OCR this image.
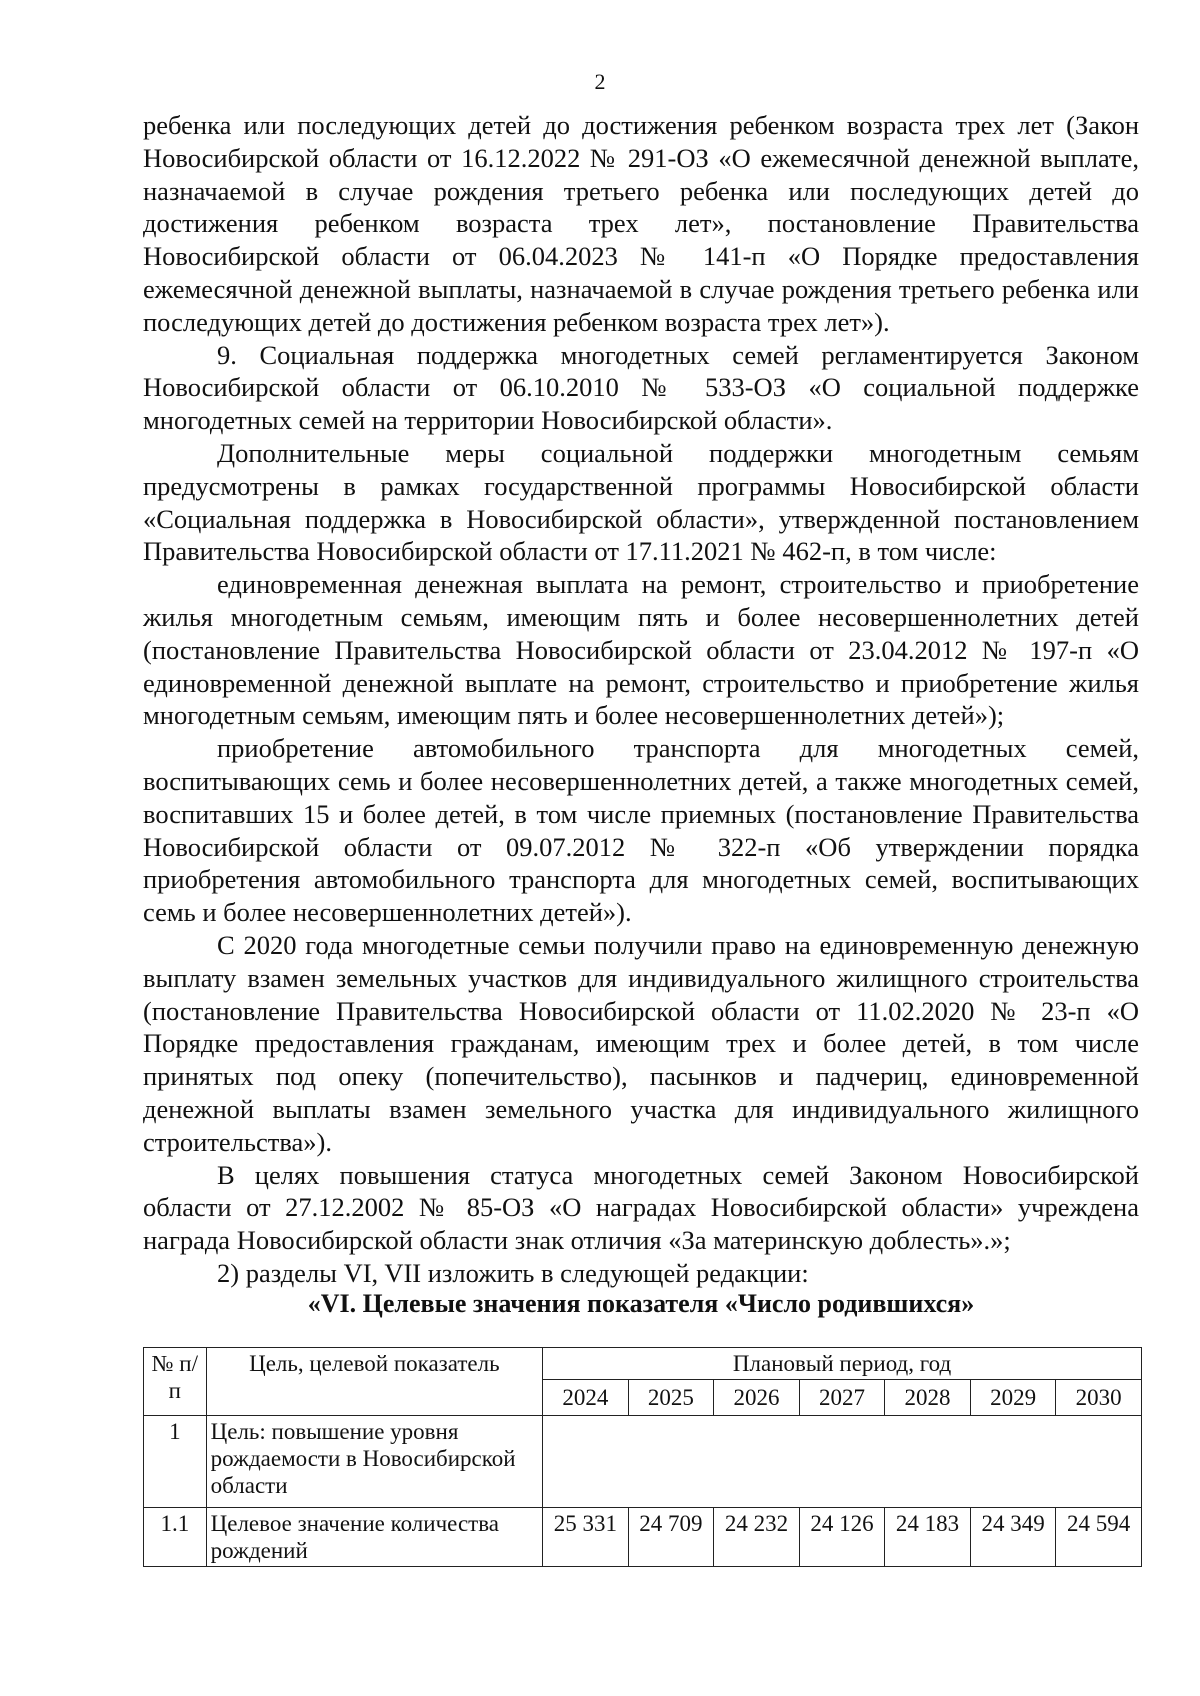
2

ребенка или последующих детей до достижения ребенком возраста трех лет (Закон Новосибирской области от 16.12.2022 № 291-ОЗ «О ежемесячной денежной выплате, назначаемой в случае рождения третьего ребенка или последующих детей до достижения ребенком возраста трех лет», постановление Правительства Новосибирской области от 06.04.2023 № 141-п «О Порядке предоставления ежемесячной денежной выплаты, назначаемой в случае рождения третьего ребенка или последующих детей до достижения ребенком возраста трех лет»).

9. Социальная поддержка многодетных семей регламентируется Законом Новосибирской области от 06.10.2010 № 533-ОЗ «О социальной поддержке многодетных семей на территории Новосибирской области».

Дополнительные меры социальной поддержки многодетным семьям предусмотрены в рамках государственной программы Новосибирской области «Социальная поддержка в Новосибирской области», утвержденной постановлением Правительства Новосибирской области от 17.11.2021 № 462-п, в том числе:

единовременная денежная выплата на ремонт, строительство и приобретение жилья многодетным семьям, имеющим пять и более несовершеннолетних детей (постановление Правительства Новосибирской области от 23.04.2012 № 197-п «О единовременной денежной выплате на ремонт, строительство и приобретение жилья многодетным семьям, имеющим пять и более несовершеннолетних детей»);

приобретение автомобильного транспорта для многодетных семей, воспитывающих семь и более несовершеннолетних детей, а также многодетных семей, воспитавших 15 и более детей, в том числе приемных (постановление Правительства Новосибирской области от 09.07.2012 № 322-п «Об утверждении порядка приобретения автомобильного транспорта для многодетных семей, воспитывающих семь и более несовершеннолетних детей»).

С 2020 года многодетные семьи получили право на единовременную денежную выплату взамен земельных участков для индивидуального жилищного строительства (постановление Правительства Новосибирской области от 11.02.2020 № 23-п «О Порядке предоставления гражданам, имеющим трех и более детей, в том числе принятых под опеку (попечительство), пасынков и падчериц, единовременной денежной выплаты взамен земельного участка для индивидуального жилищного строительства»).

В целях повышения статуса многодетных семей Законом Новосибирской области от 27.12.2002 № 85-ОЗ «О наградах Новосибирской области» учреждена награда Новосибирской области знак отличия «За материнскую доблесть».»;

2) разделы VI, VII изложить в следующей редакции:

«VI. Целевые значения показателя «Число родившихся»
№ п/п	Цель, целевой показатель	Плановый период, год						
		2024	2025	2026	2027	2028	2029	2030
1	Цель: повышение уровня рождаемости в Новосибирской области							
1.1	Целевое значение количества рождений	25 331	24 709	24 232	24 126	24 183	24 349	24 594
